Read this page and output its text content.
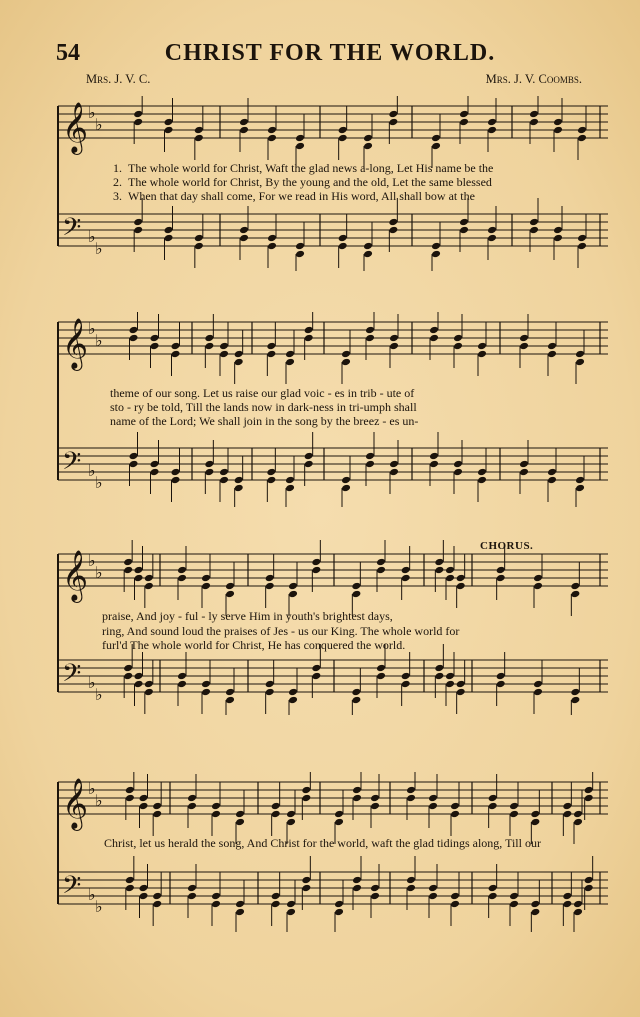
54	CHRIST FOR THE WORLD.
Mrs. J. V. C.	Mrs. J. V. Coombs.
𝄞 ♭
♭
𝄢 ♭
♭
1. The whole world for Christ, Waft the glad news a-long, Let His name be the
2. The whole world for Christ, By the young and the old, Let the same blessed
3. When that day shall come, For we read in His word, All shall bow at the
𝄞 ♭
♭
𝄢 ♭
♭
theme of our song. Let us raise our glad voic - es in trib - ute of
sto - ry be told, Till the lands now in dark-ness in tri-umph shall
name of the Lord; We shall join in the song by the breez - es un-
CHORUS.
𝄞 ♭
♭
𝄢 ♭
♭
praise, And joy - ful - ly serve Him in youth's brightest days,
ring, And sound loud the praises of Jes - us our King. The whole world for
furl'd The whole world for Christ, He has conquered the world.
𝄞 ♭
♭
𝄢 ♭
♭
Christ, let us herald the song, And Christ for the world, waft the glad tidings along, Till our
